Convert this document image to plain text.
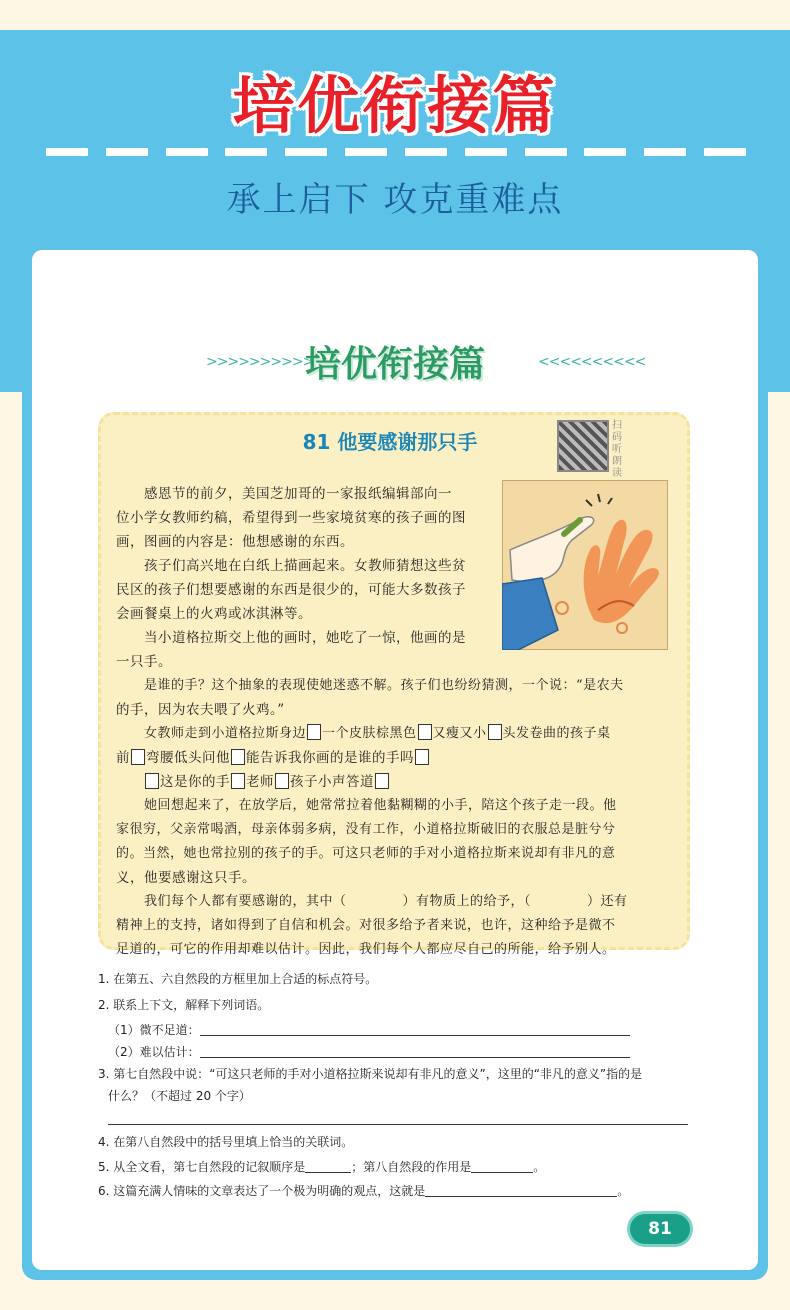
培优衔接篇
承上启下 攻克重难点
>>>>>>>>>>
培优衔接篇	<<<<<<<<<<
81 他要感谢那只手
扫码听朗读
感恩节的前夕，美国芝加哥的一家报纸编辑部向一
位小学女教师约稿，希望得到一些家境贫寒的孩子画的图
画，图画的内容是：他想感谢的东西。
孩子们高兴地在白纸上描画起来。女教师猜想这些贫
民区的孩子们想要感谢的东西是很少的，可能大多数孩子
会画餐桌上的火鸡或冰淇淋等。
当小道格拉斯交上他的画时，她吃了一惊，他画的是
一只手。
是谁的手？这个抽象的表现使她迷惑不解。孩子们也纷纷猜测，一个说：“是农夫
的手，因为农夫喂了火鸡。”
女教师走到小道格拉斯身边 一个皮肤棕黑色 又瘦又小 头发卷曲的孩子桌
前 弯腰低头问他 能告诉我你画的是谁的手吗
这是你的手 老师 孩子小声答道
她回想起来了，在放学后，她常常拉着他黏糊糊的小手，陪这个孩子走一段。他
家很穷，父亲常喝酒，母亲体弱多病，没有工作，小道格拉斯破旧的衣服总是脏兮兮
的。当然，她也常拉别的孩子的手。可这只老师的手对小道格拉斯来说却有非凡的意
义，他要感谢这只手。
我们每个人都有要感谢的，其中（	）有物质上的给予，（	）还有
精神上的支持，诸如得到了自信和机会。对很多给予者来说，也许，这种给予是微不
足道的，可它的作用却难以估计。因此，我们每个人都应尽自己的所能，给予别人。
1. 在第五、六自然段的方框里加上合适的标点符号。
2. 联系上下文，解释下列词语。
（1）微不足道：
（2）难以估计：
3. 第七自然段中说：“可这只老师的手对小道格拉斯来说却有非凡的意义”，这里的“非凡的意义”指的是
什么？（不超过 20 个字）
4. 在第八自然段中的括号里填上恰当的关联词。
5. 从全文看，第七自然段的记叙顺序是	；第八自然段的作用是	。
6. 这篇充满人情味的文章表达了一个极为明确的观点，这就是	。
81
